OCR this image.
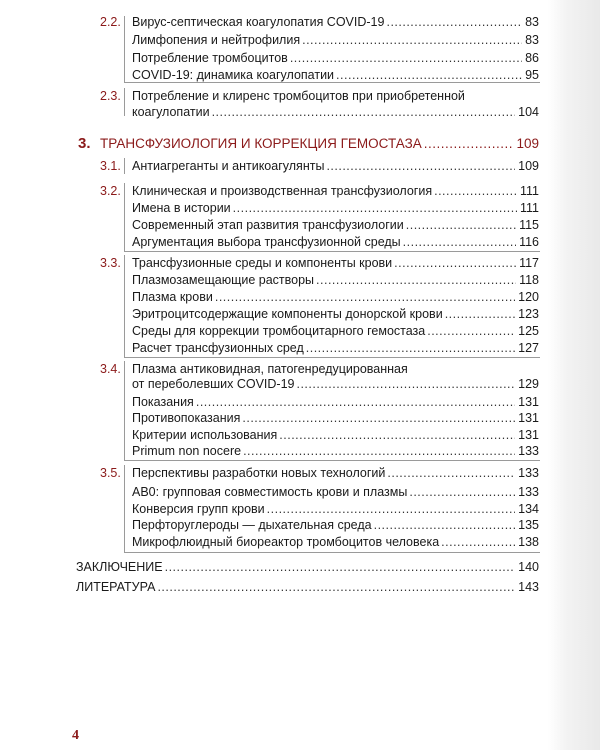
2.2. Вирус-септическая коагулопатия COVID-19 .....	83
Лимфопения и нейтрофилия .....	83
Потребление тромбоцитов .....	86
COVID-19: динамика коагулопатии .....	95
2.3. Потребление и клиренс тромбоцитов при приобретенной
коагулопатии .....	104
3. ТРАНСФУЗИОЛОГИЯ И КОРРЕКЦИЯ ГЕМОСТАЗА .....	109
3.1. Антиагреганты и антикоагулянты .....	109
3.2. Клиническая и производственная трансфузиология .....	111
Имена в истории .....	111
Современный этап развития трансфузиологии .....	115
Аргументация выбора трансфузионной среды .....	116
3.3. Трансфузионные среды и компоненты крови .....	117
Плазмозамещающие растворы .....	118
Плазма крови .....	120
Эритроцитсодержащие компоненты донорской крови .....	123
Среды для коррекции тромбоцитарного гемостаза .....	125
Расчет трансфузионных сред .....	127
3.4. Плазма антиковидная, патогенредуцированная
от переболевших COVID-19 .....	129
Показания .....	131
Противопоказания .....	131
Критерии использования .....	131
Primum non nocere .....	133
3.5. Перспективы разработки новых технологий .....	133
АВ0: групповая совместимость крови и плазмы .....	133
Конверсия групп крови .....	134
Перфторуглероды — дыхательная среда .....	135
Микрофлюидный биореактор тромбоцитов человека .....	138
ЗАКЛЮЧЕНИЕ .....	140
ЛИТЕРАТУРА .....	143
4
